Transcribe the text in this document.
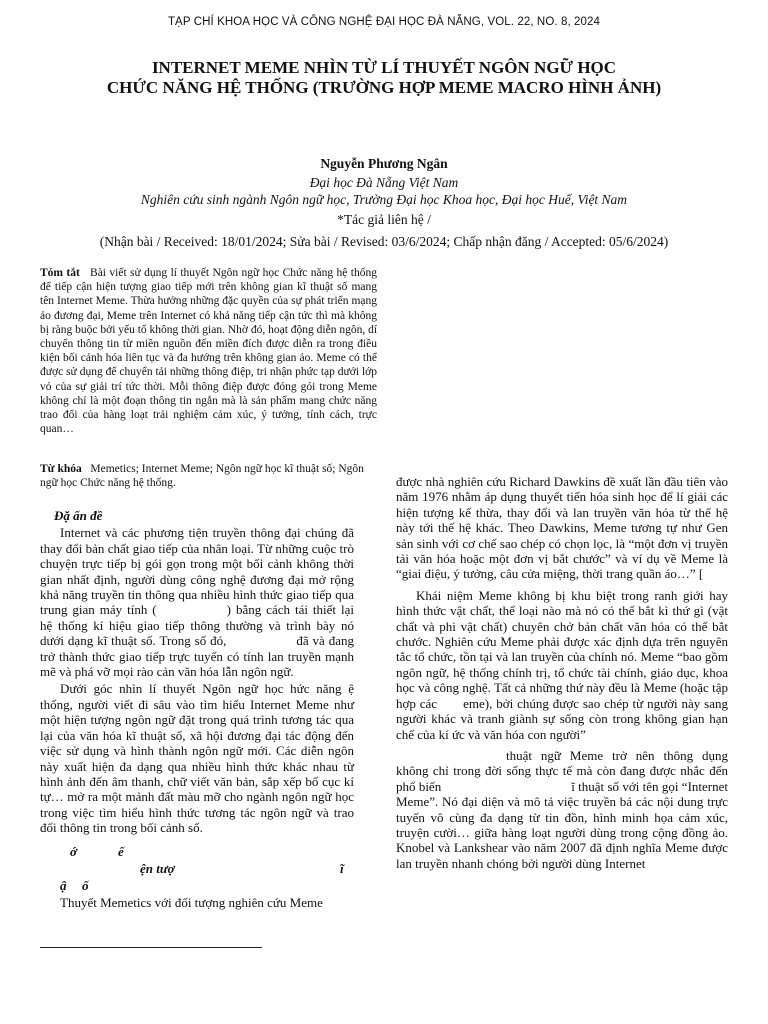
TẠP CHÍ KHOA HỌC VÀ CÔNG NGHỆ ĐẠI HỌC ĐÀ NẴNG, VOL. 22, NO. 8, 2024
INTERNET MEME NHÌN TỪ LÍ THUYẾT NGÔN NGỮ HỌC
CHỨC NĂNG HỆ THỐNG (TRƯỜNG HỢP MEME MACRO HÌNH ẢNH)
Nguyễn Phương Ngân
Đại học Đà Nẵng Việt Nam
Nghiên cứu sinh ngành Ngôn ngữ học, Trường Đại học Khoa học, Đại học Huế, Việt Nam
*Tác giả liên hệ /
(Nhận bài / Received: 18/01/2024; Sửa bài / Revised: 03/6/2024; Chấp nhận đăng / Accepted: 05/6/2024)
Tóm tắt Bài viết sử dụng lí thuyết Ngôn ngữ học Chức năng hệ thống để tiếp cận hiện tượng giao tiếp mới trên không gian kĩ thuật số mang tên Internet Meme. Thừa hưởng những đặc quyền của sự phát triển mạng ảo đương đại, Meme trên Internet có khả năng tiếp cận tức thì mà không bị ràng buộc bởi yếu tố không thời gian. Nhờ đó, hoạt động diễn ngôn, dí chuyển thông tin từ miền nguồn đến miền đích được diễn ra trong điều kiện bối cảnh hóa liên tục và đa hướng trên không gian ảo. Meme có thể được sử dụng để chuyển tải những thông điệp, tri nhận phức tạp dưới lớp vỏ của sự giải trí tức thời. Mỗi thông điệp được đóng gói trong Meme không chỉ là một đoạn thông tin ngắn mà là sản phẩm mang chức năng trao đổi của hàng loạt trải nghiệm cảm xúc, ý tưởng, tính cách, trực quan…
Từ khóa Memetics; Internet Meme; Ngôn ngữ học kĩ thuật số; Ngôn ngữ học Chức năng hệ thống.
Đặ ấn đề

Internet và các phương tiện truyền thông đại chúng đã thay đổi bản chất giao tiếp của nhân loại. Từ những cuộc trò chuyện trực tiếp bị gói gọn trong một bối cảnh không thời gian nhất định, người dùng công nghệ đương đại mở rộng khả năng truyền tin thông qua nhiều hình thức giao tiếp qua trung gian máy tính (	) bằng cách tái thiết lại hệ thống kí hiệu giao tiếp thông thường và trình bày nó dưới dạng kĩ thuật số. Trong số đó,	đã và đang trở thành thức giao tiếp trực tuyến có tính lan truyền mạnh mẽ và phá vỡ mọi rào cản văn hóa lẫn ngôn ngữ.

Dưới góc nhìn lí thuyết Ngôn ngữ học hức năng ệ thống, người viết đi sâu vào tìm hiểu Internet Meme như một hiện tượng ngôn ngữ đặt trong quá trình tương tác qua lại của văn hóa kĩ thuật số, xã hội đương đại tác động đến việc sử dụng và hình thành ngôn ngữ mới. Các diễn ngôn này xuất hiện đa dạng qua nhiều hình thức khác nhau từ hình ảnh đến âm thanh, chữ viết văn bản, sắp xếp bố cục kí tự… mở ra một mảnh đất màu mỡ cho ngành ngôn ngữ học trong việc tìm hiểu hình thức tương tác ngôn ngữ và trao đổi thông tin trong bối cảnh số.

ớ	ế
ện tượ	ĩ
ậ ố

Thuyết Memetics với đối tượng nghiên cứu Meme

được nhà nghiên cứu Richard Dawkins đề xuất lần đầu tiên vào năm 1976 nhằm áp dụng thuyết tiến hóa sinh học để lí giải các hiện tượng kế thừa, thay đổi và lan truyền văn hóa từ thế hệ này tới thế hệ khác. Theo Dawkins, Meme tương tự như Gen sản sinh với cơ chế sao chép có chọn lọc, là “một đơn vị truyền tải văn hóa hoặc một đơn vị bắt chước” và ví dụ về Meme là “giai điệu, ý tưởng, câu cửa miệng, thời trang quần áo…” [

Khái niệm Meme không bị khu biệt trong ranh giới hay hình thức vật chất, thể loại nào mà nó có thể bắt kì thứ gì (vật chất và phi vật chất) chuyên chở bản chất văn hóa có thể bắt chước. Nghiên cứu Meme phải được xác định dựa trên nguyên tắc tổ chức, tồn tại và lan truyền của chính nó. Meme “bao gồm ngôn ngữ, hệ thống chính trị, tổ chức tài chính, giáo dục, khoa học và công nghệ. Tất cả những thứ này đều là Meme (hoặc tập hợp các eme), bởi chúng được sao chép từ người này sang người khác và tranh giành sự sống còn trong không gian hạn chế của kí ức và văn hóa con người”

thuật ngữ Meme trở nên thông dụng không chỉ trong đời sống thực tế mà còn đang được nhắc đến phổ biến	ĩ thuật số với tên gọi “Internet Meme”. Nó đại diện và mô tả việc truyền bá các nội dung trực tuyến vô cùng đa dạng từ tin đồn, hình minh họa cảm xúc, truyện cười… giữa hàng loạt người dùng trong cộng đồng ảo. Knobel và Lankshear vào năm 2007 đã định nghĩa Meme được lan truyền nhanh chóng bởi người dùng Internet
